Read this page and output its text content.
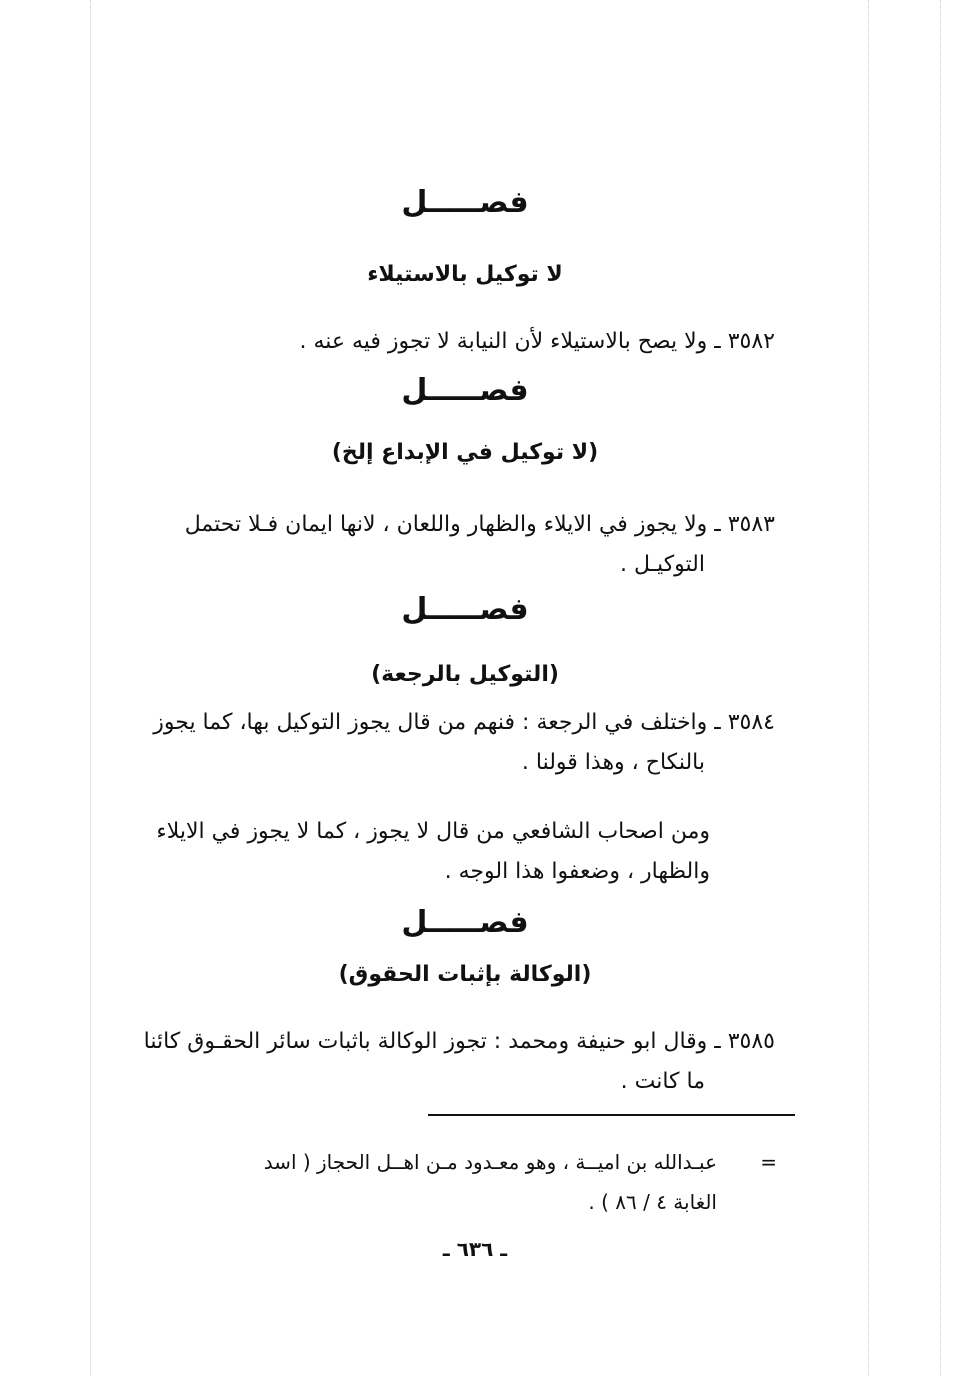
فصـــــل
لا توكيل بالاستيلاء
٣٥٨٢ ـ ولا يصح بالاستيلاء لأن النيابة لا تجوز فيه عنه .
فصـــــل
(لا توكيل في الإبداع إلخ)
٣٥٨٣ ـ ولا يجوز في الايلاء والظهار واللعان ، لانها ايمان فـلا تحتمل
التوكيـل .
فصـــــل
(التوكيل بالرجعة)
٣٥٨٤ ـ واختلف في الرجعة : فنهم من قال يجوز التوكيل بها، كما يجوز
بالنكاح ، وهذا قولنا .
ومن اصحاب الشافعي من قال لا يجوز ، كما لا يجوز في الايلاء
والظهار ، وضعفوا هذا الوجه .
فصـــــل
(الوكالة بإثبات الحقوق)
٣٥٨٥ ـ وقال ابو حنيفة ومحمد : تجوز الوكالة باثبات سائر الحقـوق كائنا
ما كانت .
=
عبـدالله بن اميــة ، وهو معـدود مـن اهــل الحجاز ( اسد
الغابة ٤ / ٨٦ ) .
ـ ٦٣٦ ـ
